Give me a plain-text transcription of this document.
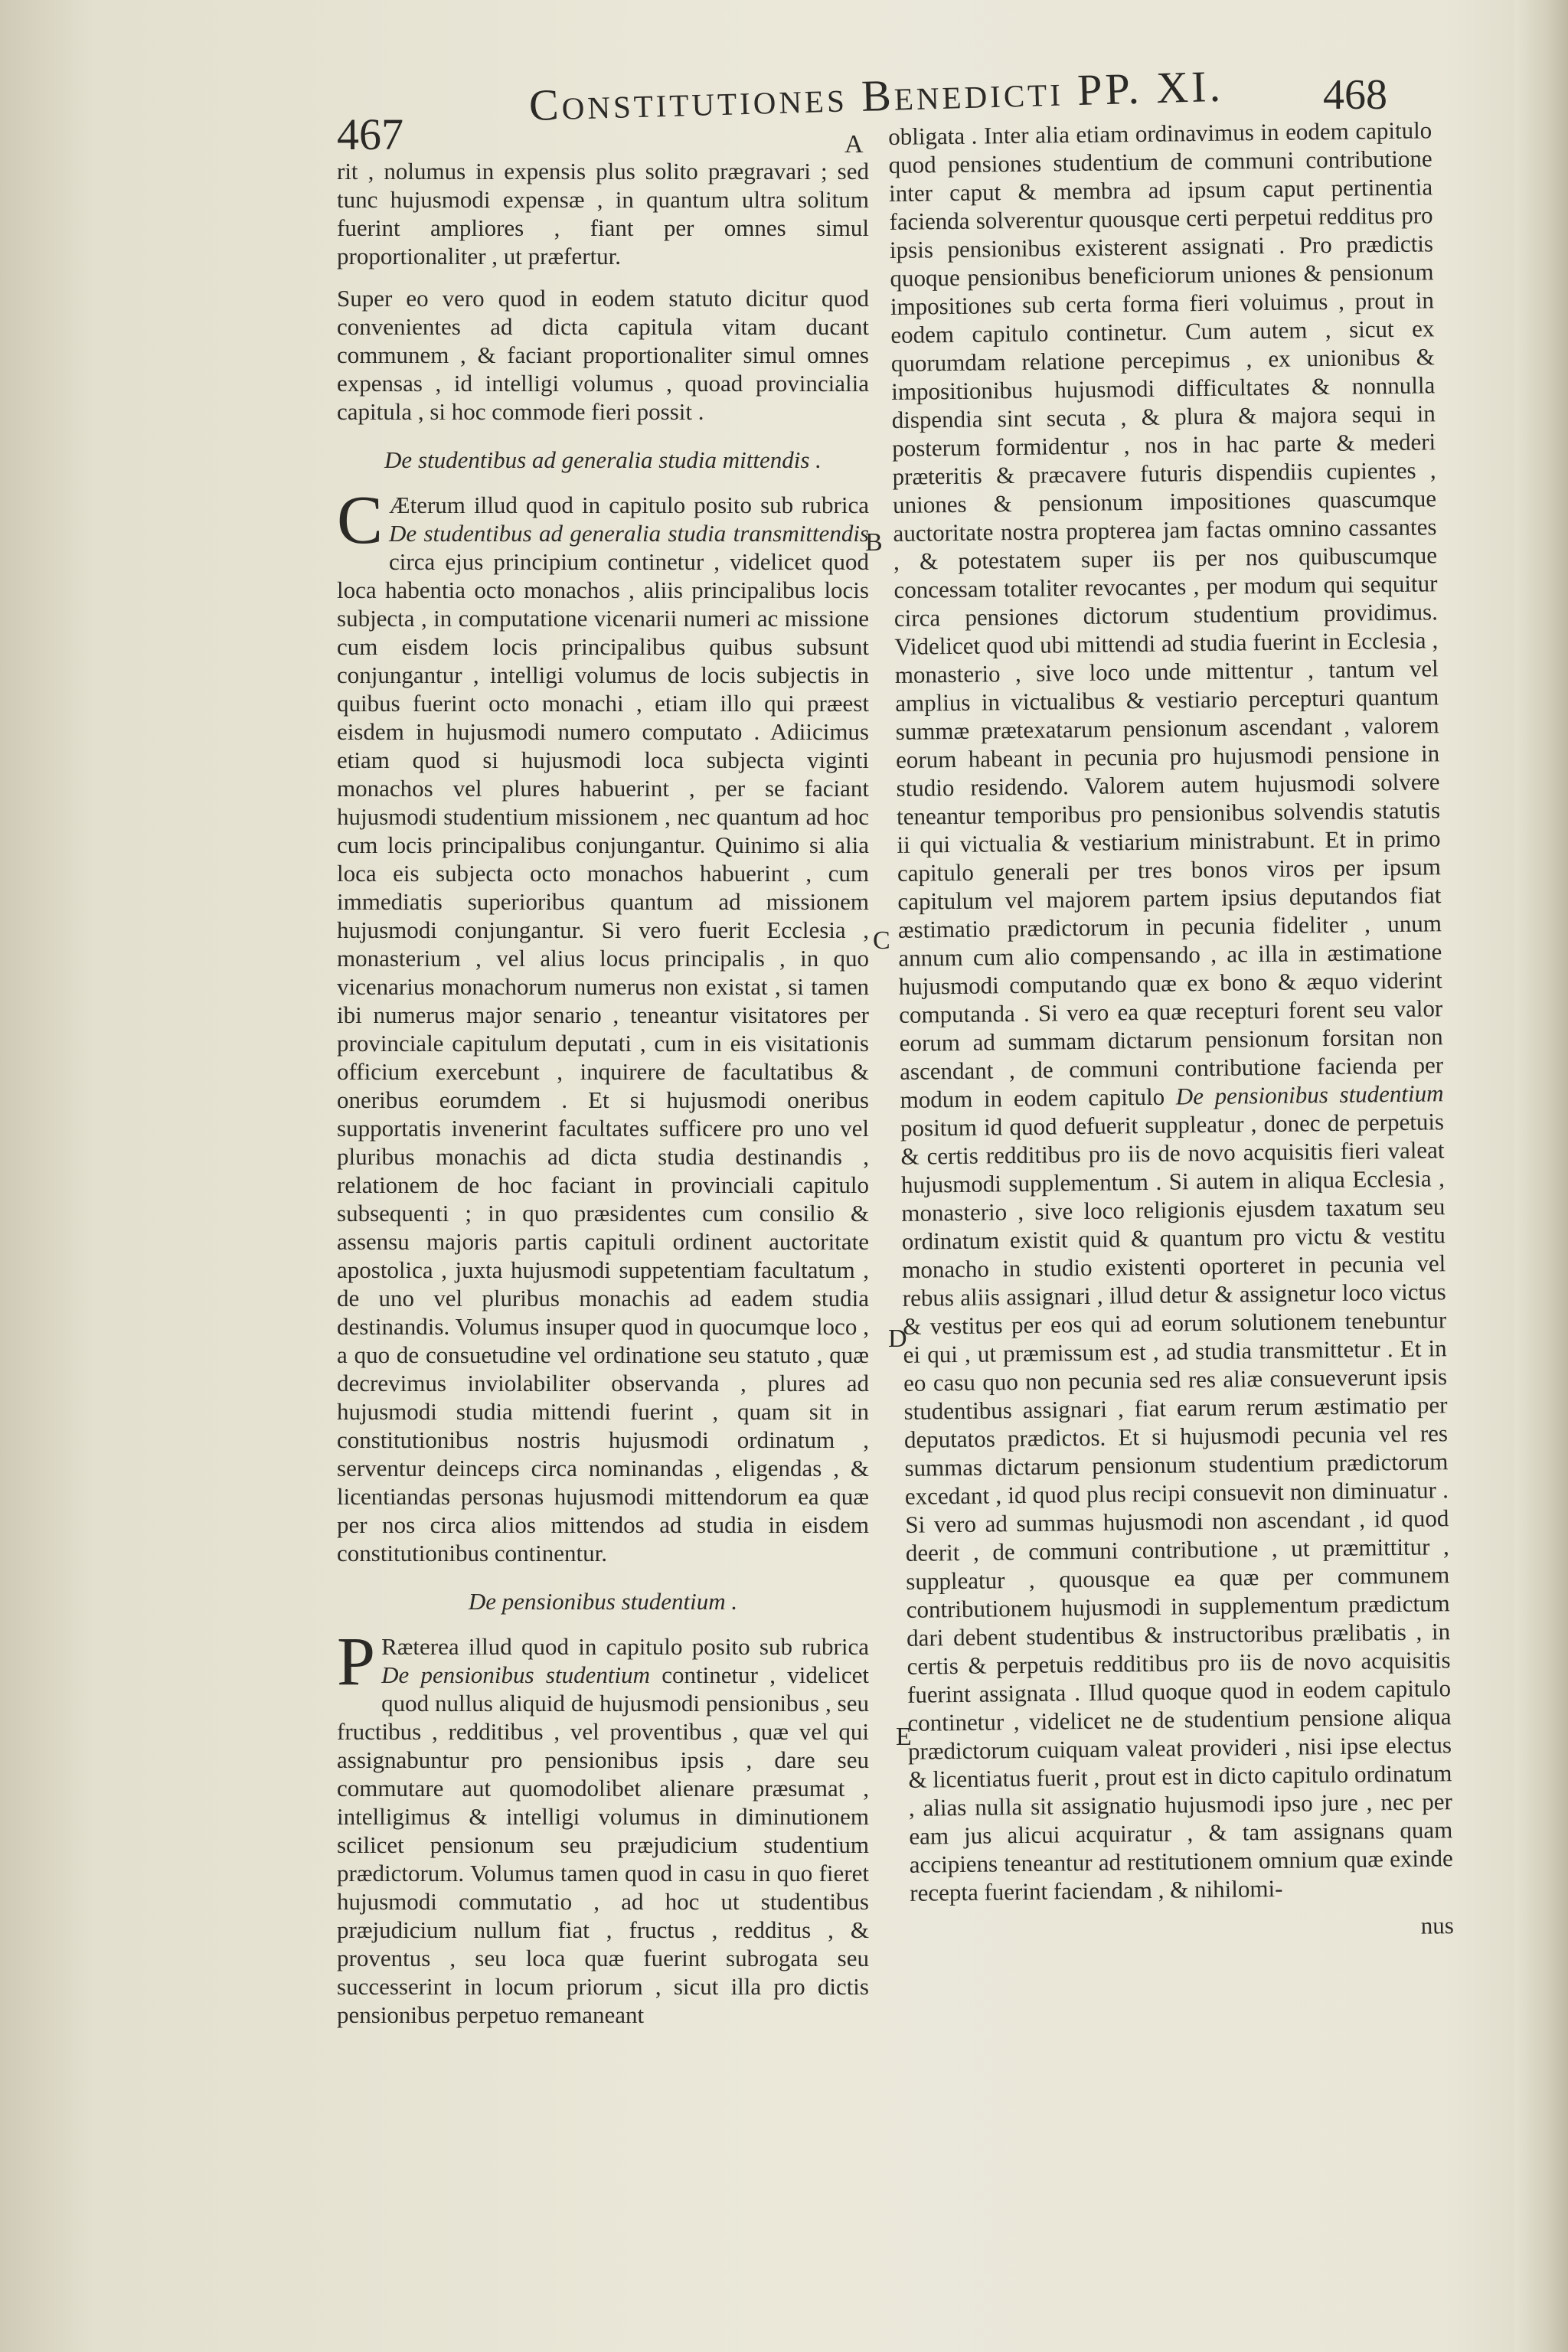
467
Constitutiones Benedicti PP. XI. 468
A
B
C
D
E

rit , nolumus in expensis plus solito prægravari ; sed tunc hujusmodi expensæ , in quantum ultra solitum fuerint ampliores , fiant per omnes simul proportionaliter , ut præfertur.

Super eo vero quod in eodem statuto dicitur quod convenientes ad dicta capitula vitam ducant communem , & faciant proportionaliter simul omnes expensas , id intelligi volumus , quoad provincialia capitula , si hoc commode fieri possit .

De studentibus ad generalia studia mittendis .

C Æterum illud quod in capitulo posito sub rubrica De studentibus ad generalia studia transmittendis circa ejus principium continetur , videlicet quod loca habentia octo monachos , aliis principalibus locis subjecta , in computatione vicenarii numeri ac missione cum eisdem locis principalibus quibus subsunt conjungantur , intelligi volumus de locis subjectis in quibus fuerint octo monachi , etiam illo qui præest eisdem in hujusmodi numero computato . Adiicimus etiam quod si hujusmodi loca subjecta viginti monachos vel plures habuerint , per se faciant hujusmodi studentium missionem , nec quantum ad hoc cum locis principalibus conjungantur. Quinimo si alia loca eis subjecta octo monachos habuerint , cum immediatis superioribus quantum ad missionem hujusmodi conjungantur. Si vero fuerit Ecclesia , monasterium , vel alius locus principalis , in quo vicenarius monachorum numerus non existat , si tamen ibi numerus major senario , teneantur visitatores per provinciale capitulum deputati , cum in eis visitationis officium exercebunt , inquirere de facultatibus & oneribus eorumdem . Et si hujusmodi oneribus supportatis invenerint facultates sufficere pro uno vel pluribus monachis ad dicta studia destinandis , relationem de hoc faciant in provinciali capitulo subsequenti ; in quo præsidentes cum consilio & assensu majoris partis capituli ordinent auctoritate apostolica , juxta hujusmodi suppetentiam facultatum , de uno vel pluribus monachis ad eadem studia destinandis. Volumus insuper quod in quocumque loco , a quo de consuetudine vel ordinatione seu statuto , quæ decrevimus inviolabiliter observanda , plures ad hujusmodi studia mittendi fuerint , quam sit in constitutionibus nostris hujusmodi ordinatum , serventur deinceps circa nominandas , eligendas , & licentiandas personas hujusmodi mittendorum ea quæ per nos circa alios mittendos ad studia in eisdem constitutionibus continentur.

De pensionibus studentium .

P Ræterea illud quod in capitulo posito sub rubrica De pensionibus studentium continetur , videlicet quod nullus aliquid de hujusmodi pensionibus , seu fructibus , redditibus , vel proventibus , quæ vel qui assignabuntur pro pensionibus ipsis , dare seu commutare aut quomodolibet alienare præsumat , intelligimus & intelligi volumus in diminutionem scilicet pensionum seu præjudicium studentium prædictorum. Volumus tamen quod in casu in quo fieret hujusmodi commutatio , ad hoc ut studentibus præjudicium nullum fiat , fructus , redditus , & proventus , seu loca quæ fuerint subrogata seu successerint in locum priorum , sicut illa pro dictis pensionibus perpetuo remaneant

obligata . Inter alia etiam ordinavimus in eodem capitulo quod pensiones studentium de communi contributione inter caput & membra ad ipsum caput pertinentia facienda solverentur quousque certi perpetui redditus pro ipsis pensionibus existerent assignati . Pro prædictis quoque pensionibus beneficiorum uniones & pensionum impositiones sub certa forma fieri voluimus , prout in eodem capitulo continetur. Cum autem , sicut ex quorumdam relatione percepimus , ex unionibus & impositionibus hujusmodi difficultates & nonnulla dispendia sint secuta , & plura & majora sequi in posterum formidentur , nos in hac parte & mederi præteritis & præcavere futuris dispendiis cupientes , uniones & pensionum impositiones quascumque auctoritate nostra propterea jam factas omnino cassantes , & potestatem super iis per nos quibuscumque concessam totaliter revocantes , per modum qui sequitur circa pensiones dictorum studentium providimus. Videlicet quod ubi mittendi ad studia fuerint in Ecclesia , monasterio , sive loco unde mittentur , tantum vel amplius in victualibus & vestiario percepturi quantum summæ prætexatarum pensionum ascendant , valorem eorum habeant in pecunia pro hujusmodi pensione in studio residendo. Valorem autem hujusmodi solvere teneantur temporibus pro pensionibus solvendis statutis ii qui victualia & vestiarium ministrabunt. Et in primo capitulo generali per tres bonos viros per ipsum capitulum vel majorem partem ipsius deputandos fiat æstimatio prædictorum in pecunia fideliter , unum annum cum alio compensando , ac illa in æstimatione hujusmodi computando quæ ex bono & æquo viderint computanda . Si vero ea quæ recepturi forent seu valor eorum ad summam dictarum pensionum forsitan non ascendant , de communi contributione facienda per modum in eodem capitulo De pensionibus studentium positum id quod defuerit suppleatur , donec de perpetuis & certis redditibus pro iis de novo acquisitis fieri valeat hujusmodi supplementum . Si autem in aliqua Ecclesia , monasterio , sive loco religionis ejusdem taxatum seu ordinatum existit quid & quantum pro victu & vestitu monacho in studio existenti oporteret in pecunia vel rebus aliis assignari , illud detur & assignetur loco victus & vestitus per eos qui ad eorum solutionem tenebuntur ei qui , ut præmissum est , ad studia transmittetur . Et in eo casu quo non pecunia sed res aliæ consueverunt ipsis studentibus assignari , fiat earum rerum æstimatio per deputatos prædictos. Et si hujusmodi pecunia vel res summas dictarum pensionum studentium prædictorum excedant , id quod plus recipi consuevit non diminuatur . Si vero ad summas hujusmodi non ascendant , id quod deerit , de communi contributione , ut præmittitur , suppleatur , quousque ea quæ per communem contributionem hujusmodi in supplementum prædictum dari debent studentibus & instructoribus prælibatis , in certis & perpetuis redditibus pro iis de novo acquisitis fuerint assignata . Illud quoque quod in eodem capitulo continetur , videlicet ne de studentium pensione aliqua prædictorum cuiquam valeat provideri , nisi ipse electus & licentiatus fuerit , prout est in dicto capitulo ordinatum , alias nulla sit assignatio hujusmodi ipso jure , nec per eam jus alicui acquiratur , & tam assignans quam accipiens teneantur ad restitutionem omnium quæ exinde recepta fuerint faciendam , & nihilomi-

nus
